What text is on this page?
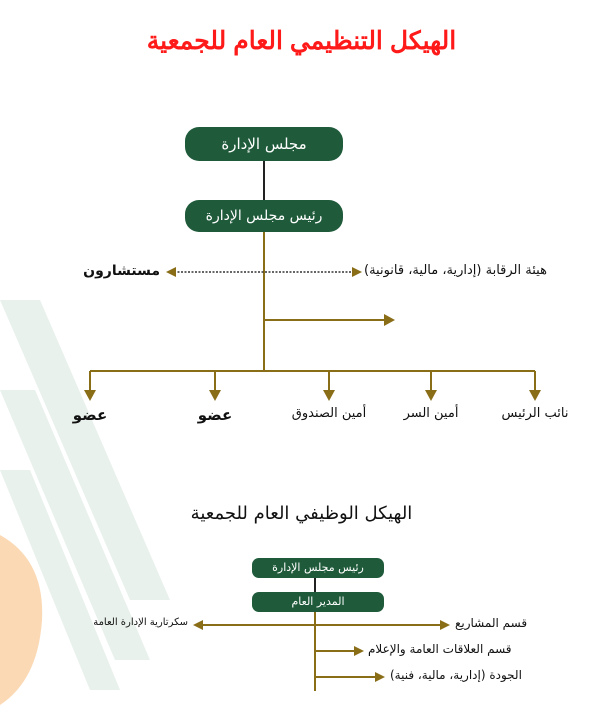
الهيكل التنظيمي العام للجمعية
مجلس الإدارة
رئيس مجلس الإدارة
مستشارون	هيئة الرقابة (إدارية، مالية، قانونية)
عضو	عضو	أمين الصندوق	أمين السر	نائب الرئيس
الهيكل الوظيفي العام للجمعية
رئيس مجلس الإدارة
المدير العام
سكرتارية الإدارة العامة	قسم المشاريع
قسم العلاقات العامة والإعلام
الجودة (إدارية، مالية، فنية)
